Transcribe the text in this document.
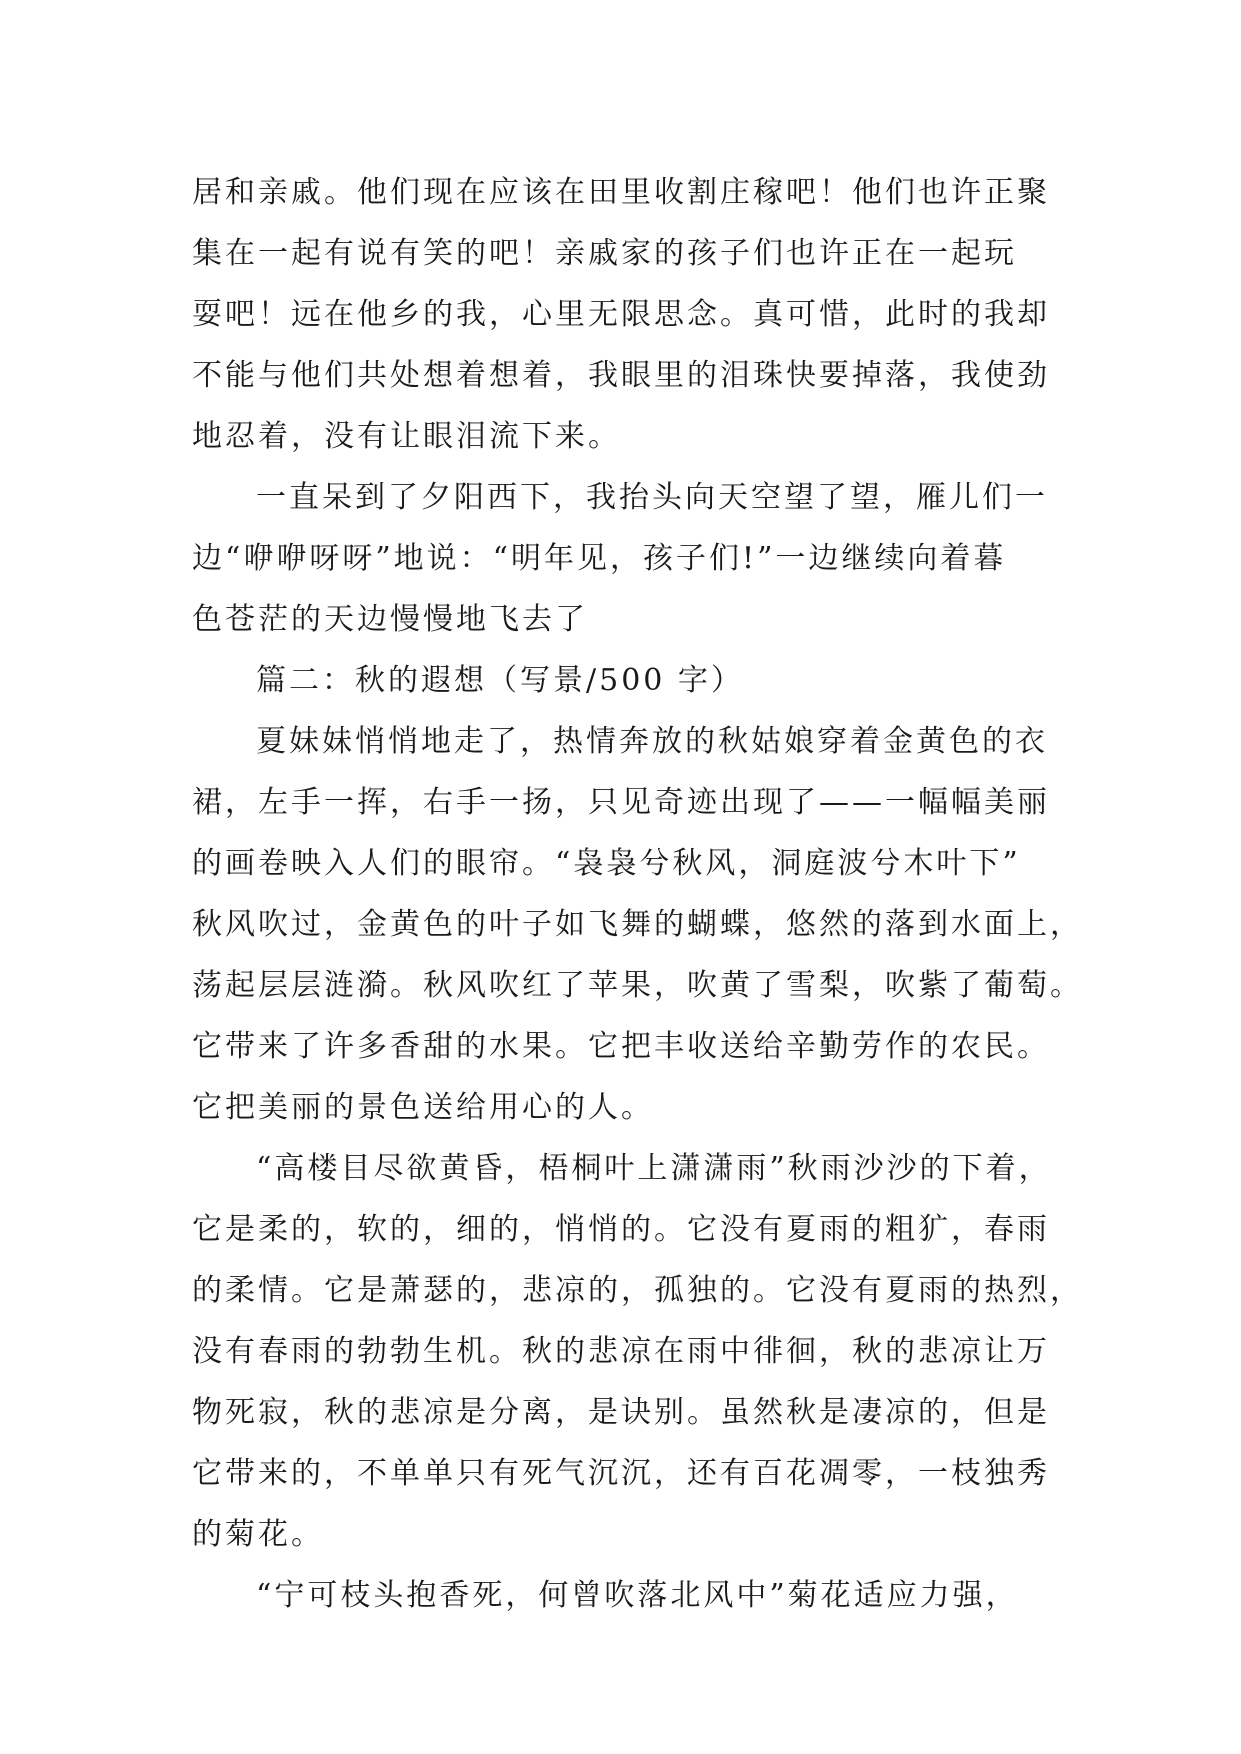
居和亲戚。他们现在应该在田里收割庄稼吧！他们也许正聚
集在一起有说有笑的吧！亲戚家的孩子们也许正在一起玩
耍吧！远在他乡的我，心里无限思念。真可惜，此时的我却
不能与他们共处想着想着，我眼里的泪珠快要掉落，我使劲
地忍着，没有让眼泪流下来。
一直呆到了夕阳西下，我抬头向天空望了望，雁儿们一
边“咿咿呀呀”地说：“明年见，孩子们!”一边继续向着暮
色苍茫的天边慢慢地飞去了
篇二：秋的遐想（写景/500 字）
夏妹妹悄悄地走了，热情奔放的秋姑娘穿着金黄色的衣
裙，左手一挥，右手一扬，只见奇迹出现了——一幅幅美丽
的画卷映入人们的眼帘。“袅袅兮秋风，洞庭波兮木叶下”
秋风吹过，金黄色的叶子如飞舞的蝴蝶，悠然的落到水面上，
荡起层层涟漪。秋风吹红了苹果，吹黄了雪梨，吹紫了葡萄。
它带来了许多香甜的水果。它把丰收送给辛勤劳作的农民。
它把美丽的景色送给用心的人。
“高楼目尽欲黄昏，梧桐叶上潇潇雨”秋雨沙沙的下着，
它是柔的，软的，细的，悄悄的。它没有夏雨的粗犷，春雨
的柔情。它是萧瑟的，悲凉的，孤独的。它没有夏雨的热烈，
没有春雨的勃勃生机。秋的悲凉在雨中徘徊，秋的悲凉让万
物死寂，秋的悲凉是分离，是诀别。虽然秋是凄凉的，但是
它带来的，不单单只有死气沉沉，还有百花凋零，一枝独秀
的菊花。
“宁可枝头抱香死，何曾吹落北风中”菊花适应力强，
